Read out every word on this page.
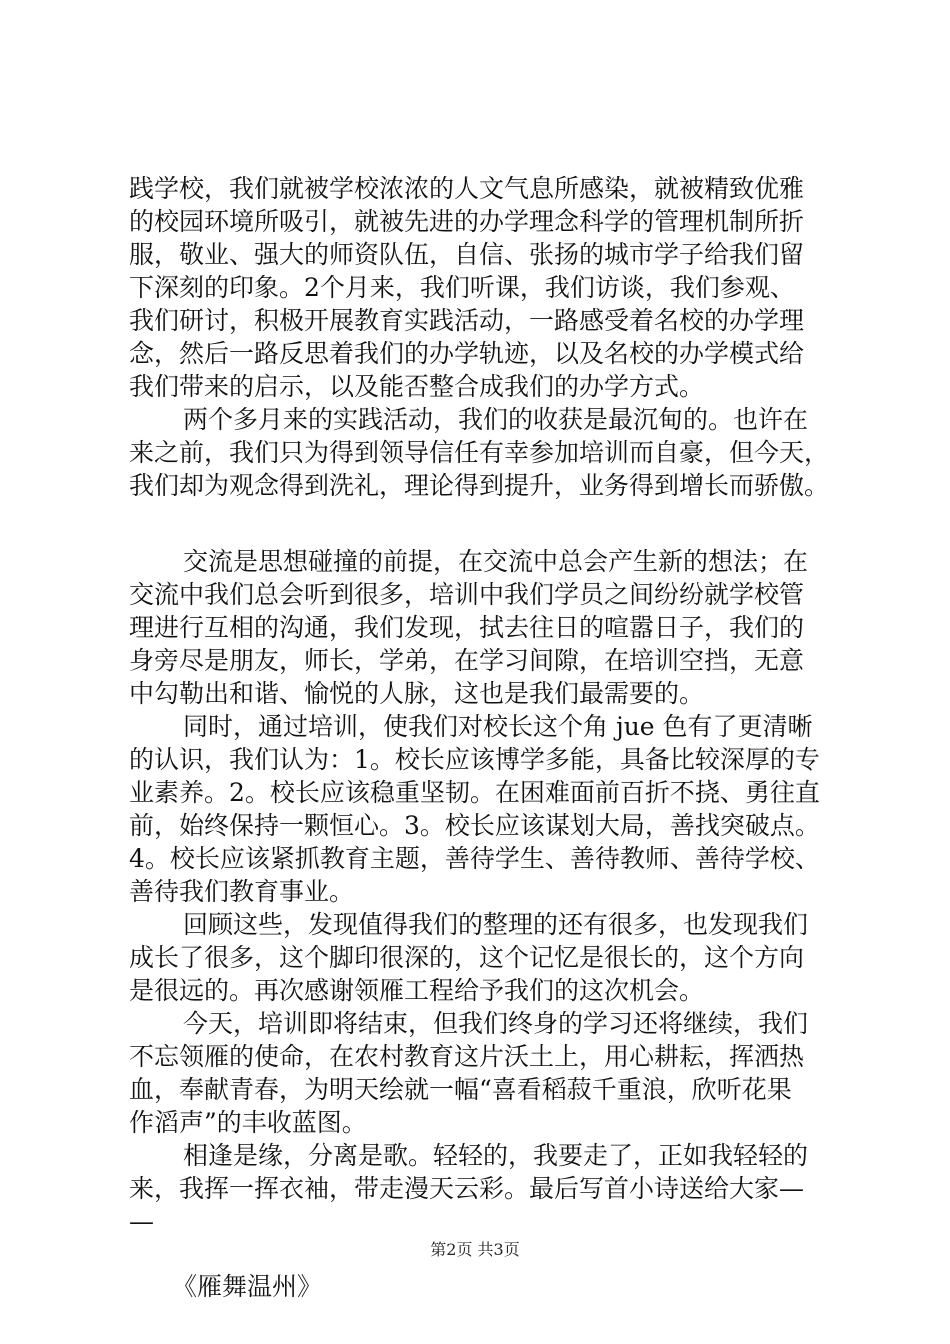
践学校，我们就被学校浓浓的人文气息所感染，就被精致优雅
的校园环境所吸引，就被先进的办学理念科学的管理机制所折
服，敬业、强大的师资队伍，自信、张扬的城市学子给我们留
下深刻的印象。2个月来，我们听课，我们访谈，我们参观、
我们研讨，积极开展教育实践活动，一路感受着名校的办学理
念，然后一路反思着我们的办学轨迹，以及名校的办学模式给
我们带来的启示，以及能否整合成我们的办学方式。
两个多月来的实践活动，我们的收获是最沉甸的。也许在
来之前，我们只为得到领导信任有幸参加培训而自豪，但今天，
我们却为观念得到洗礼，理论得到提升，业务得到增长而骄傲。
交流是思想碰撞的前提，在交流中总会产生新的想法；在
交流中我们总会听到很多，培训中我们学员之间纷纷就学校管
理进行互相的沟通，我们发现，拭去往日的喧嚣日子，我们的
身旁尽是朋友，师长，学弟，在学习间隙，在培训空挡，无意
中勾勒出和谐、愉悦的人脉，这也是我们最需要的。
同时，通过培训，使我们对校长这个角 jue 色有了更清晰
的认识，我们认为：1。校长应该博学多能，具备比较深厚的专
业素养。2。校长应该稳重坚韧。在困难面前百折不挠、勇往直
前，始终保持一颗恒心。3。校长应该谋划大局，善找突破点。
4。校长应该紧抓教育主题，善待学生、善待教师、善待学校、
善待我们教育事业。
回顾这些，发现值得我们的整理的还有很多，也发现我们
成长了很多，这个脚印很深的，这个记忆是很长的，这个方向
是很远的。再次感谢领雁工程给予我们的这次机会。
今天，培训即将结束，但我们终身的学习还将继续，我们
不忘领雁的使命，在农村教育这片沃土上，用心耕耘，挥洒热
血，奉献青春，为明天绘就一幅“喜看稻菽千重浪，欣听花果
作滔声”的丰收蓝图。
相逢是缘，分离是歌。轻轻的，我要走了，正如我轻轻的
来，我挥一挥衣袖，带走漫天云彩。最后写首小诗送给大家—
—
《雁舞温州》
第2页 共3页
